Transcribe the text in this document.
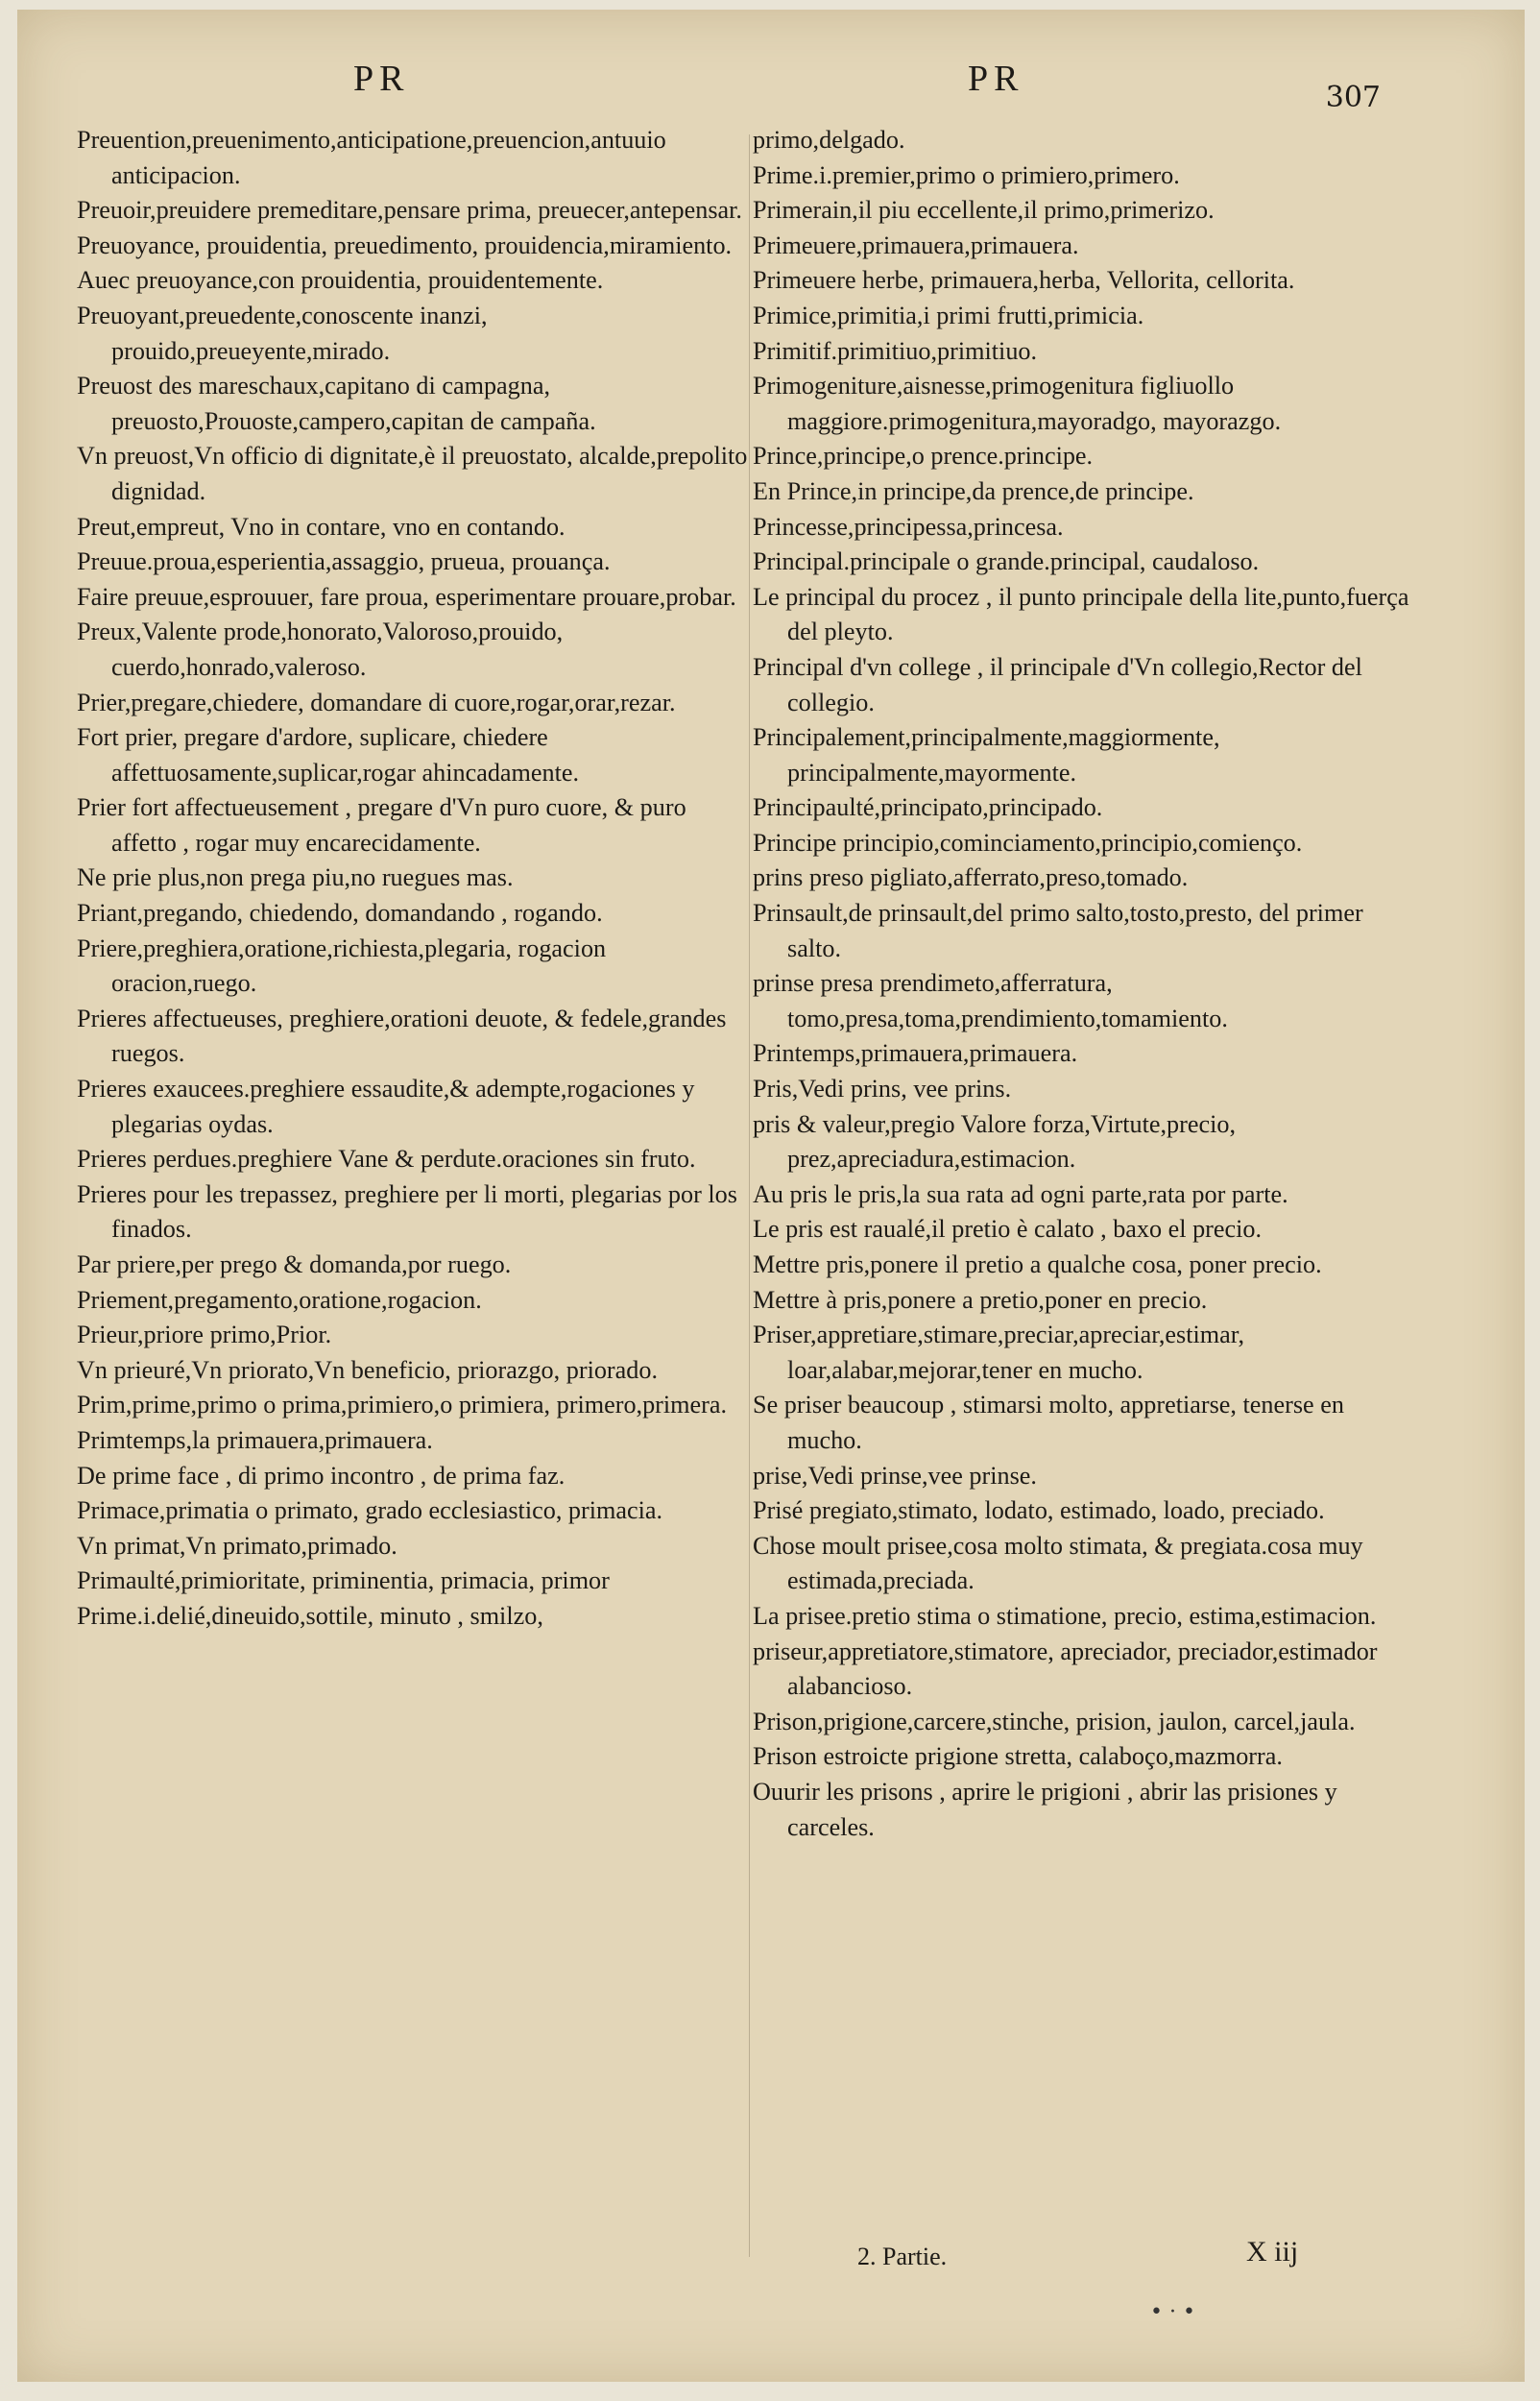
PR	PR	307

Preuention,preuenimento,anticipatione,preuencion,antuuio anticipacion.

Preuoir,preuidere premeditare,pensare prima, preuecer,antepensar.

Preuoyance, prouidentia, preuedimento, prouidencia,miramiento.

Auec preuoyance,con prouidentia, prouidentemente.

Preuoyant,preuedente,conoscente inanzi, prouido,preueyente,mirado.

Preuost des mareschaux,capitano di campagna, preuosto,Prouoste,campero,capitan de campaña.

Vn preuost,Vn officio di dignitate,è il preuostato, alcalde,prepolito dignidad.

Preut,empreut, Vno in contare, vno en contando.

Preuue.proua,esperientia,assaggio, prueua, prouança.

Faire preuue,esprouuer, fare proua, esperimentare prouare,probar.

Preux,Valente prode,honorato,Valoroso,prouido, cuerdo,honrado,valeroso.

Prier,pregare,chiedere, domandare di cuore,rogar,orar,rezar.

Fort prier, pregare d'ardore, suplicare, chiedere affettuosamente,suplicar,rogar ahincadamente.

Prier fort affectueusement , pregare d'Vn puro cuore, & puro affetto , rogar muy encarecidamente.

Ne prie plus,non prega piu,no ruegues mas.

Priant,pregando, chiedendo, domandando , rogando.

Priere,preghiera,oratione,richiesta,plegaria, rogacion oracion,ruego.

Prieres affectueuses, preghiere,orationi deuote, & fedele,grandes ruegos.

Prieres exaucees.preghiere essaudite,& adempte,rogaciones y plegarias oydas.

Prieres perdues.preghiere Vane & perdute.oraciones sin fruto.

Prieres pour les trepassez, preghiere per li morti, plegarias por los finados.

Par priere,per prego & domanda,por ruego.

Priement,pregamento,oratione,rogacion.

Prieur,priore primo,Prior.

Vn prieuré,Vn priorato,Vn beneficio, priorazgo, priorado.

Prim,prime,primo o prima,primiero,o primiera, primero,primera.

Primtemps,la primauera,primauera.

De prime face , di primo incontro , de prima faz.

Primace,primatia o primato, grado ecclesiastico, primacia.

Vn primat,Vn primato,primado.

Primaulté,primioritate, priminentia, primacia, primor

Prime.i.delié,dineuido,sottile, minuto , smilzo,

primo,delgado.

Prime.i.premier,primo o primiero,primero.

Primerain,il piu eccellente,il primo,primerizo.

Primeuere,primauera,primauera.

Primeuere herbe, primauera,herba, Vellorita, cellorita.

Primice,primitia,i primi frutti,primicia.

Primitif.primitiuo,primitiuo.

Primogeniture,aisnesse,primogenitura figliuollo maggiore.primogenitura,mayoradgo, mayorazgo.

Prince,principe,o prence.principe.

En Prince,in principe,da prence,de principe.

Princesse,principessa,princesa.

Principal.principale o grande.principal, caudaloso.

Le principal du procez , il punto principale della lite,punto,fuerça del pleyto.

Principal d'vn college , il principale d'Vn collegio,Rector del collegio.

Principalement,principalmente,maggiormente, principalmente,mayormente.

Principaulté,principato,principado.

Principe principio,cominciamento,principio,comienço.

prins preso pigliato,afferrato,preso,tomado.

Prinsault,de prinsault,del primo salto,tosto,presto, del primer salto.

prinse presa prendimeto,afferratura, tomo,presa,toma,prendimiento,tomamiento.

Printemps,primauera,primauera.

Pris,Vedi prins, vee prins.

pris & valeur,pregio Valore forza,Virtute,precio, prez,apreciadura,estimacion.

Au pris le pris,la sua rata ad ogni parte,rata por parte.

Le pris est raualé,il pretio è calato , baxo el precio.

Mettre pris,ponere il pretio a qualche cosa, poner precio.

Mettre à pris,ponere a pretio,poner en precio.

Priser,appretiare,stimare,preciar,apreciar,estimar, loar,alabar,mejorar,tener en mucho.

Se priser beaucoup , stimarsi molto, appretiarse, tenerse en mucho.

prise,Vedi prinse,vee prinse.

Prisé pregiato,stimato, lodato, estimado, loado, preciado.

Chose moult prisee,cosa molto stimata, & pregiata.cosa muy estimada,preciada.

La prisee.pretio stima o stimatione, precio, estima,estimacion.

priseur,appretiatore,stimatore, apreciador, preciador,estimador alabancioso.

Prison,prigione,carcere,stinche, prision, jaulon, carcel,jaula.

Prison estroicte prigione stretta, calaboço,mazmorra.

Ouurir les prisons , aprire le prigioni , abrir las prisiones y carceles.

2. Partie.	X iij
• · •
